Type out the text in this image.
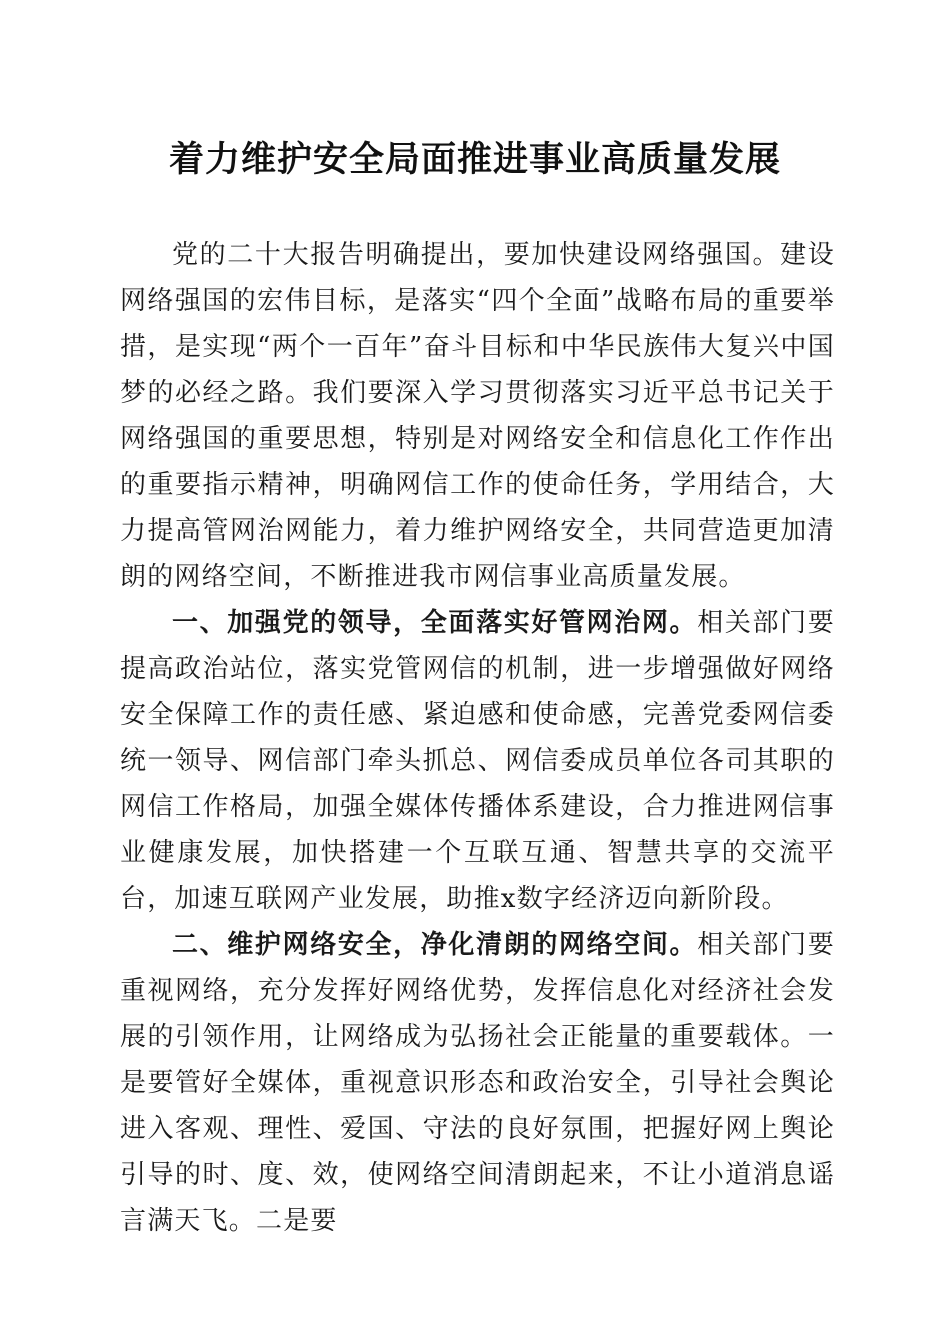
着力维护安全局面推进事业高质量发展

党的二十大报告明确提出，要加快建设网络强国。建设网络强国的宏伟目标，是落实“四个全面”战略布局的重要举措，是实现“两个一百年”奋斗目标和中华民族伟大复兴中国梦的必经之路。我们要深入学习贯彻落实习近平总书记关于网络强国的重要思想，特别是对网络安全和信息化工作作出的重要指示精神，明确网信工作的使命任务，学用结合，大力提高管网治网能力，着力维护网络安全，共同营造更加清朗的网络空间，不断推进我市网信事业高质量发展。

一、加强党的领导，全面落实好管网治网。相关部门要提高政治站位，落实党管网信的机制，进一步增强做好网络安全保障工作的责任感、紧迫感和使命感，完善党委网信委统一领导、网信部门牵头抓总、网信委成员单位各司其职的网信工作格局，加强全媒体传播体系建设，合力推进网信事业健康发展，加快搭建一个互联互通、智慧共享的交流平台，加速互联网产业发展，助推x数字经济迈向新阶段。

二、维护网络安全，净化清朗的网络空间。相关部门要重视网络，充分发挥好网络优势，发挥信息化对经济社会发展的引领作用，让网络成为弘扬社会正能量的重要载体。一是要管好全媒体，重视意识形态和政治安全，引导社会舆论进入客观、理性、爱国、守法的良好氛围，把握好网上舆论引导的时、度、效，使网络空间清朗起来，不让小道消息谣言满天飞。二是要
